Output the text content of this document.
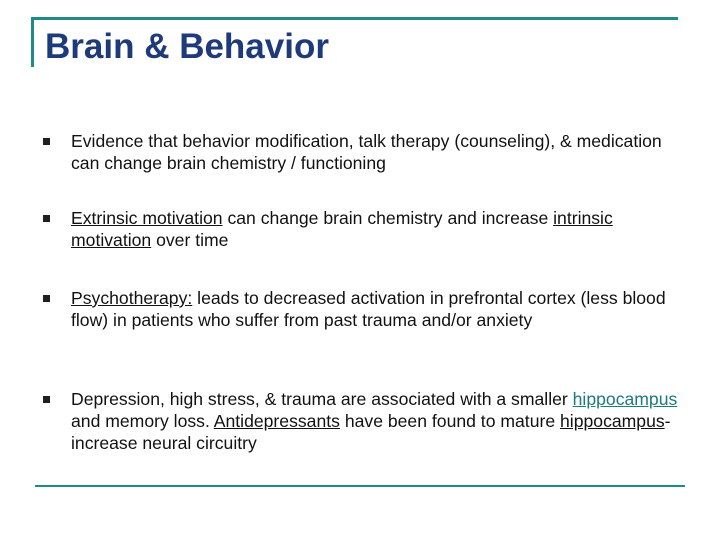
Brain & Behavior
Evidence that behavior modification, talk therapy (counseling), & medication can change brain chemistry / functioning
Extrinsic motivation can change brain chemistry and increase intrinsic motivation over time
Psychotherapy: leads to decreased activation in prefrontal cortex (less blood flow) in patients who suffer from past trauma and/or anxiety
Depression, high stress, & trauma are associated with a smaller hippocampus and memory loss. Antidepressants have been found to mature hippocampus- increase neural circuitry
